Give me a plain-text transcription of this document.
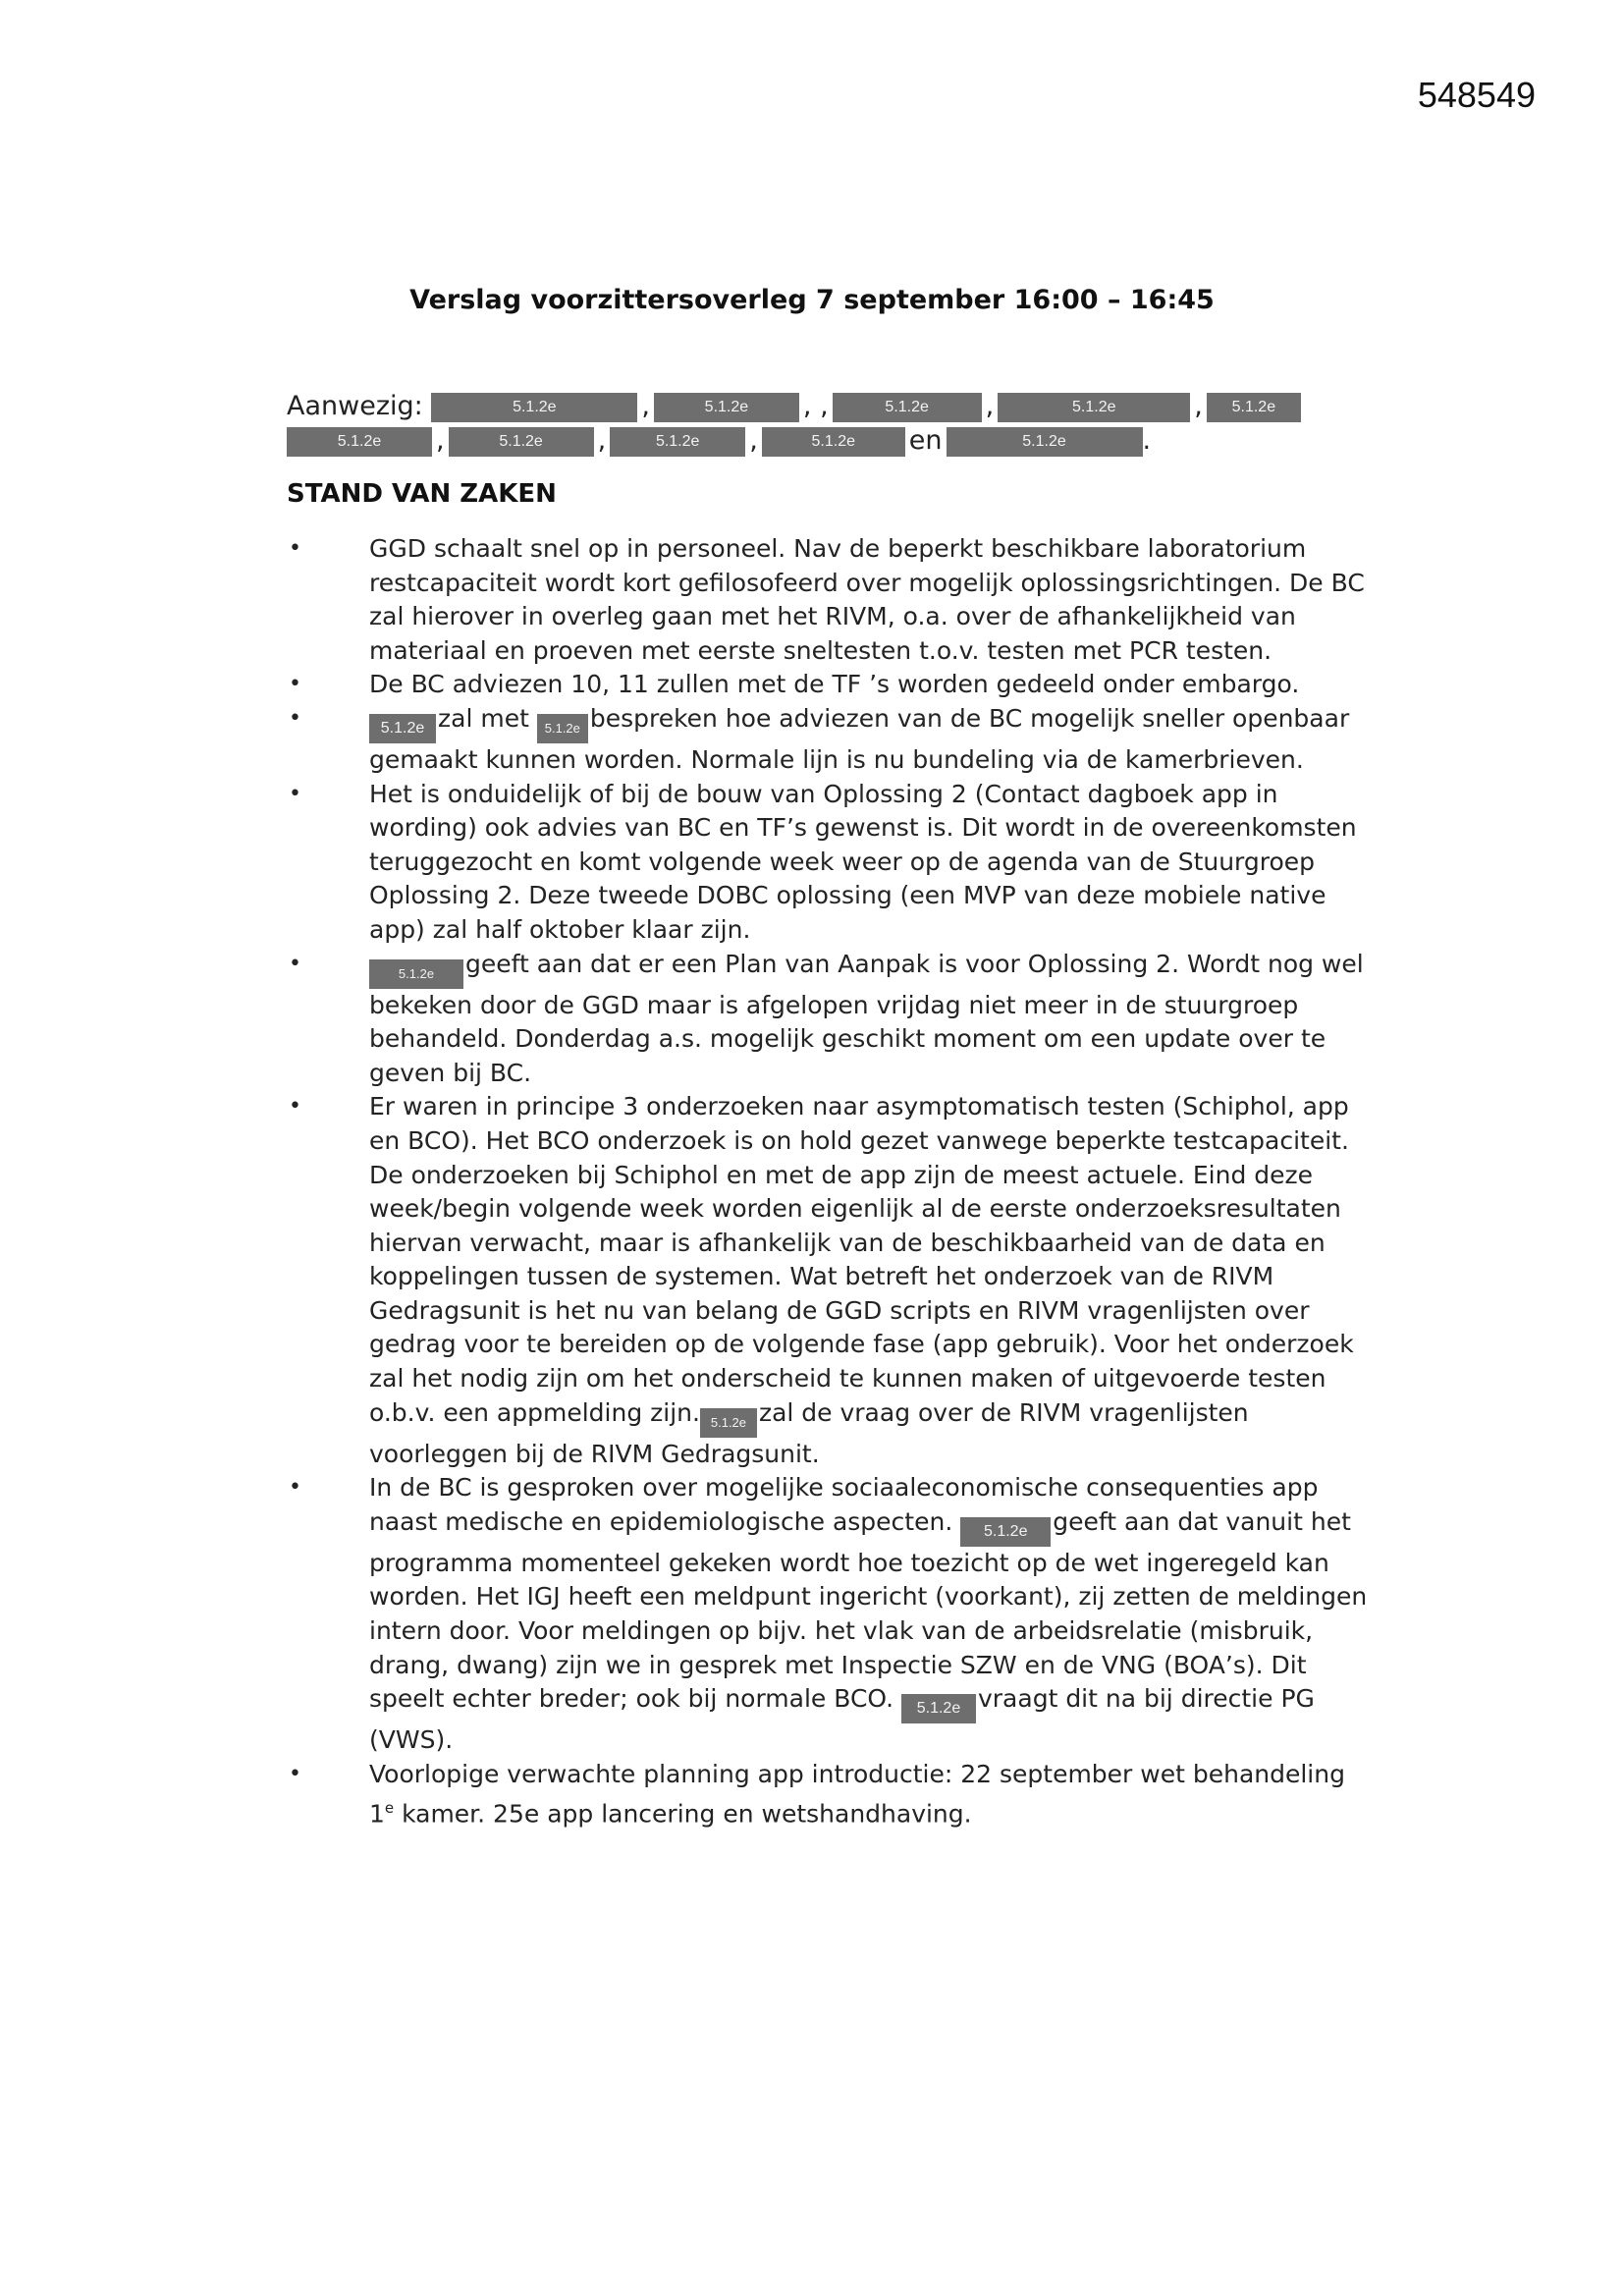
548549
Verslag voorzittersoverleg 7 september 16:00 – 16:45
Aanwezig:	5.1.2e	,	5.1.2e , ,	5.1.2e ,	5.1.2e	, 5.1.2e
5.1.2e ,	5.1.2e ,	5.1.2e ,	5.1.2e en	5.1.2e	.
STAND VAN ZAKEN
•	GGD schaalt snel op in personeel. Nav de beperkt beschikbare laboratorium restcapaciteit wordt kort gefilosofeerd over mogelijk oplossingsrichtingen. De BC zal hierover in overleg gaan met het RIVM, o.a. over de afhankelijkheid van materiaal en proeven met eerste sneltesten t.o.v. testen met PCR testen.
•	De BC adviezen 10, 11 zullen met de TF ’s worden gedeeld onder embargo.
•	5.1.2e zal met 5.1.2e bespreken hoe adviezen van de BC mogelijk sneller openbaar gemaakt kunnen worden. Normale lijn is nu bundeling via de kamerbrieven.
•	Het is onduidelijk of bij de bouw van Oplossing 2 (Contact dagboek app in wording) ook advies van BC en TF’s gewenst is. Dit wordt in de overeenkomsten teruggezocht en komt volgende week weer op de agenda van de Stuurgroep Oplossing 2. Deze tweede DOBC oplossing (een MVP van deze mobiele native app) zal half oktober klaar zijn.
•	5.1.2e geeft aan dat er een Plan van Aanpak is voor Oplossing 2. Wordt nog wel bekeken door de GGD maar is afgelopen vrijdag niet meer in de stuurgroep behandeld. Donderdag a.s. mogelijk geschikt moment om een update over te geven bij BC.
•	Er waren in principe 3 onderzoeken naar asymptomatisch testen (Schiphol, app en BCO). Het BCO onderzoek is on hold gezet vanwege beperkte testcapaciteit. De onderzoeken bij Schiphol en met de app zijn de meest actuele. Eind deze week/begin volgende week worden eigenlijk al de eerste onderzoeksresultaten hiervan verwacht, maar is afhankelijk van de beschikbaarheid van de data en koppelingen tussen de systemen. Wat betreft het onderzoek van de RIVM Gedragsunit is het nu van belang de GGD scripts en RIVM vragenlijsten over gedrag voor te bereiden op de volgende fase (app gebruik). Voor het onderzoek zal het nodig zijn om het onderscheid te kunnen maken of uitgevoerde testen o.b.v. een appmelding zijn. 5.1.2e zal de vraag over de RIVM vragenlijsten voorleggen bij de RIVM Gedragsunit.
•	In de BC is gesproken over mogelijke sociaaleconomische consequenties app naast medische en epidemiologische aspecten. 5.1.2e geeft aan dat vanuit het programma momenteel gekeken wordt hoe toezicht op de wet ingeregeld kan worden. Het IGJ heeft een meldpunt ingericht (voorkant), zij zetten de meldingen intern door. Voor meldingen op bijv. het vlak van de arbeidsrelatie (misbruik, drang, dwang) zijn we in gesprek met Inspectie SZW en de VNG (BOA’s). Dit speelt echter breder; ook bij normale BCO. 5.1.2e vraagt dit na bij directie PG (VWS).
•	Voorlopige verwachte planning app introductie: 22 september wet behandeling 1e kamer. 25e app lancering en wetshandhaving.
